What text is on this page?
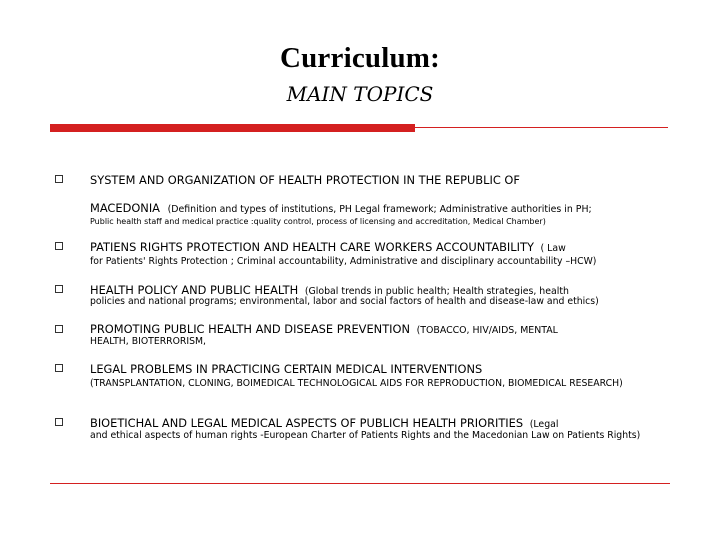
Curriculum:
MAIN TOPICS
SYSTEM AND ORGANIZATION OF HEALTH PROTECTION IN THE REPUBLIC OF
MACEDONIA (Definition and types of institutions, PH Legal framework; Administrative authorities in PH;
Public health staff and medical practice :quality control, process of licensing and accreditation, Medical Chamber)
PATIENS RIGHTS PROTECTION AND HEALTH CARE WORKERS ACCOUNTABILITY ( Law
for Patients' Rights Protection ; Criminal accountability, Administrative and disciplinary accountability –HCW)
HEALTH POLICY AND PUBLIC HEALTH (Global trends in public health; Health strategies, health
policies and national programs; environmental, labor and social factors of health and disease-law and ethics)
PROMOTING PUBLIC HEALTH AND DISEASE PREVENTION (TOBACCO, HIV/AIDS, MENTAL
HEALTH, BIOTERRORISM,
LEGAL PROBLEMS IN PRACTICING CERTAIN MEDICAL INTERVENTIONS
(TRANSPLANTATION, CLONING, BOIMEDICAL TECHNOLOGICAL AIDS FOR REPRODUCTION, BIOMEDICAL RESEARCH)
BIOETICHAL AND LEGAL MEDICAL ASPECTS OF PUBLICH HEALTH PRIORITIES (Legal
and ethical aspects of human rights -European Charter of Patients Rights and the Macedonian Law on Patients Rights)
